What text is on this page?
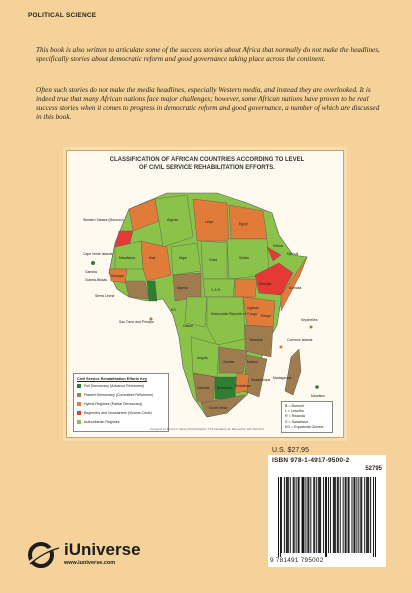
POLITICAL SCIENCE
This book is also written to articulate some of the success stories about Africa that normally do not make the headlines, specifically stories about democratic reform and good governance taking place across the continent.
Often such stories do not make the media headlines, especially Western media, and instead they are overlooked. It is indeed true that many African nations face major challenges; however, some African nations have proven to be real success stories when it comes to progress in democratic reform and good governance, a number of which are discussed in this book.
CLASSIFICATION OF AFRICAN COUNTRIES ACCORDING TO LEVEL OF CIVIL SERVICE REHABILITATION EFFORTS.
Western Sahara (Morocco)
Cape Verde Islands
Algeria	Libya	Egypt
Mauritania	Mali	Niger	Chad	Sudan
Eritrea
Djibouti
Gambia
Senegal
Guinea-Bissau
Sierra Leone
Nigeria
Ethiopia
Somalia
C.A.R.
Sao Tome and Principe
EG
Gabon
Democratic Republic of Congo
Uganda
Kenya
Seychelles
Comoros Islands
Tanzania
Angola
Zambia	Malawi
Mozambique Madagascar
Mauritius
Zimbabwe
Namibia Botswana
South Africa
Civil Service Rehabilitation Efforts Key
Full Democracy (Advance Reformers)
Flawed Democracy (Committed Reformers)
Hybrid Regimes (Partial Democracy)
Beginners and Nonstarters (Vicious Circle)
Authoritarian Regimes
B = Burundi
L = Lesotho
R = Rwanda
S = Swaziland
EG = Equatorial Guinea
Designed by Ernest C. Manny Photo/Graphic: CTS Identified Ltd. Manuscript: 101 MH Nord
U.S. $27.95
ISBN 978-1-4917-9500-2
52795
9 781491 795002
iUniverse
www.iuniverse.com
